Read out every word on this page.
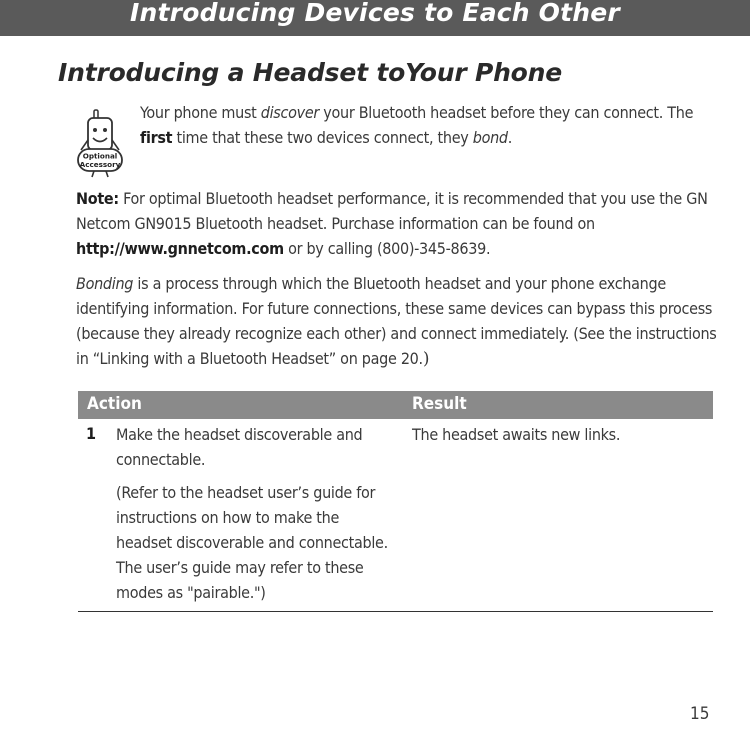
Introducing Devices to Each Other
Introducing a Headset toYour Phone
Optional
Accessory

Your phone must discover your Bluetooth headset before they can connect. The first time that these two devices connect, they bond.

Note: For optimal Bluetooth headset performance, it is recommended that you use the GN Netcom GN9015 Bluetooth headset. Purchase information can be found on http://www.gnnetcom.com or by calling (800)-345-8639.

Bonding is a process through which the Bluetooth headset and your phone exchange identifying information. For future connections, these same devices can bypass this process (because they already recognize each other) and connect immediately. (See the instructions in “Linking with a Bluetooth Headset” on page 20.)

Action	Result
1 Make the headset discoverable and connectable.
(Refer to the headset user’s guide for instructions on how to make the headset discoverable and connectable. The user’s guide may refer to these modes as "pairable.")
The headset awaits new links.
15
